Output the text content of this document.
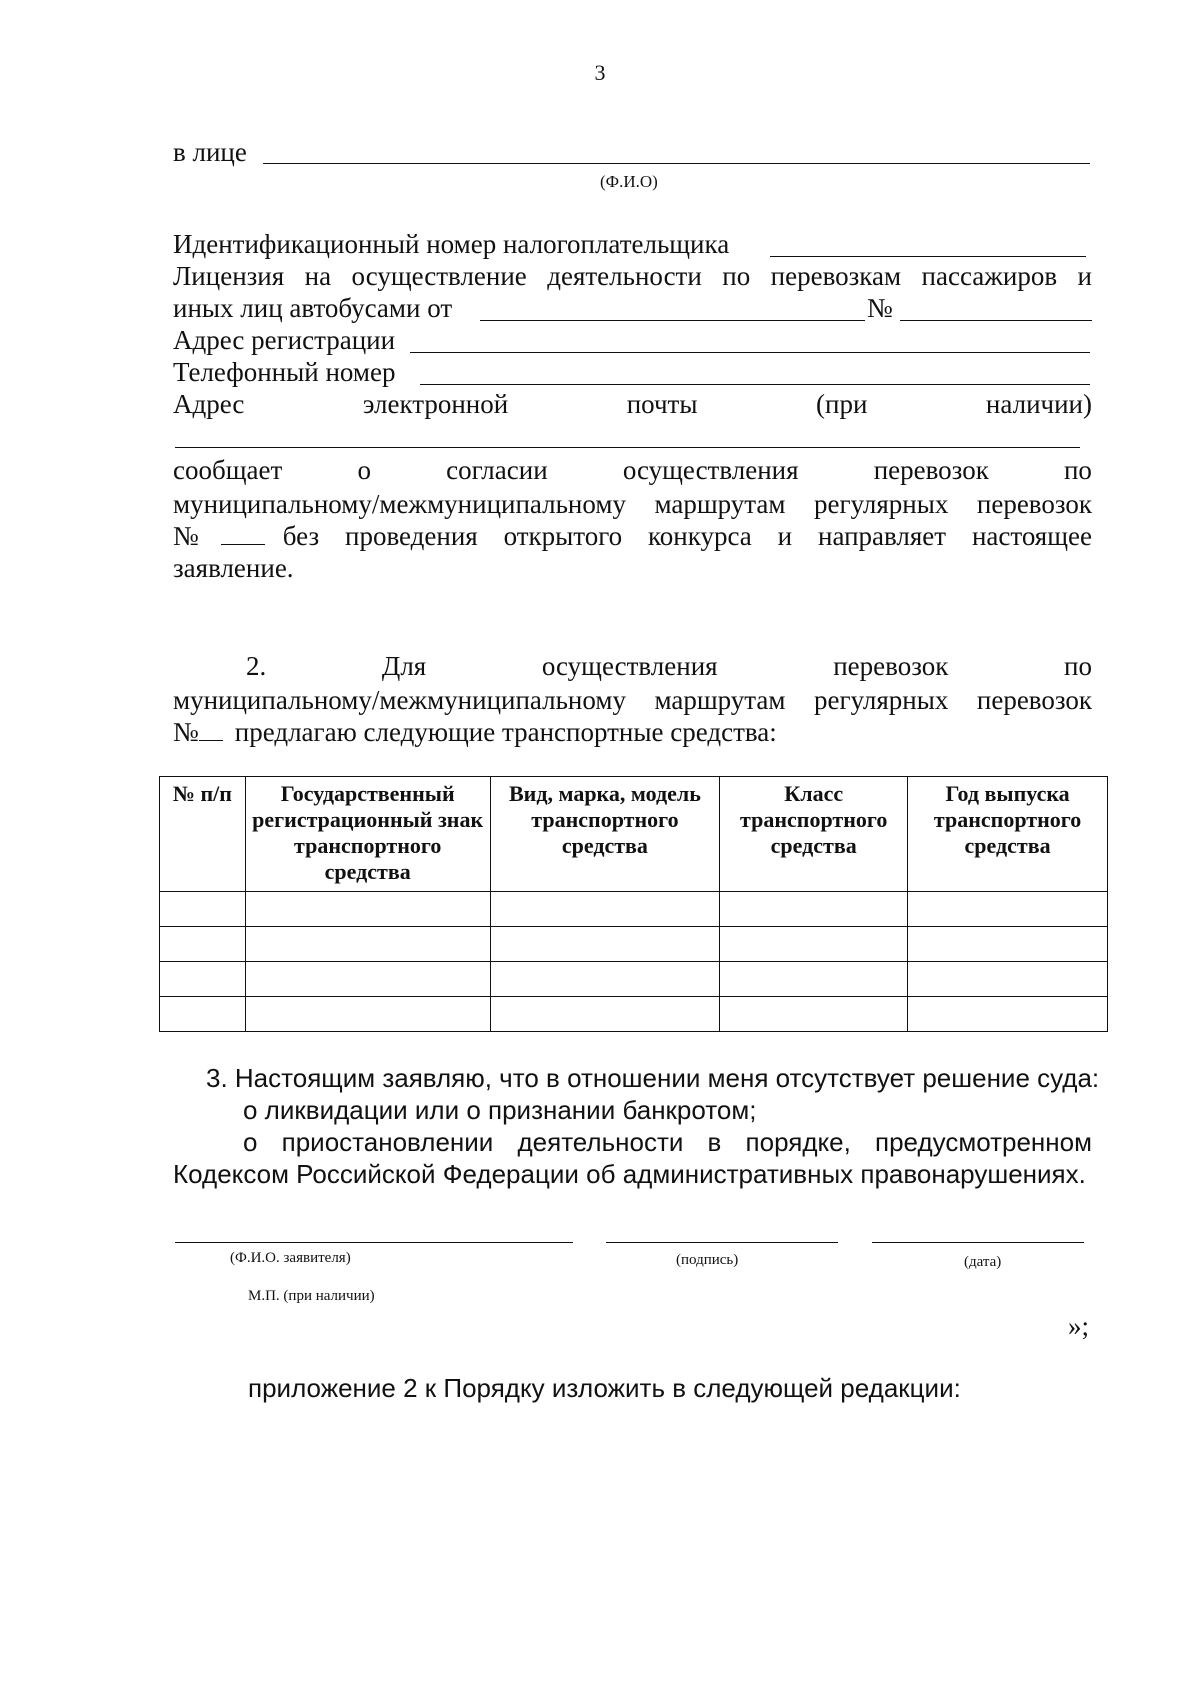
3
в лице
(Ф.И.О)
Идентификационный номер налогоплательщика
Лицензия на осуществление деятельности по перевозкам пассажиров и
иных лиц автобусами от	№
Адрес регистрации
Телефонный номер
Адрес	электронной	почты	(при	наличии)
сообщает	о	согласии	осуществления	перевозок	по
муниципальному/межмуниципальному маршрутам регулярных перевозок
№	без проведения открытого конкурса и направляет настоящее
заявление.
2.	Для	осуществления	перевозок	по
муниципальному/межмуниципальному маршрутам регулярных перевозок
№ предлагаю следующие транспортные средства:
№ п/п	Государственный регистрационный знак транспортного средства	Вид, марка, модель транспортного средства	Класс транспортного средства	Год выпуска транспортного средства

3. Настоящим заявляю, что в отношении меня отсутствует решение суда:
о ликвидации или о признании банкротом;
о приостановлении деятельности в порядке, предусмотренном
Кодексом Российской Федерации об административных правонарушениях.
(Ф.И.О. заявителя)	(подпись)	(дата)
М.П. (при наличии)
»;
приложение 2 к Порядку изложить в следующей редакции:
